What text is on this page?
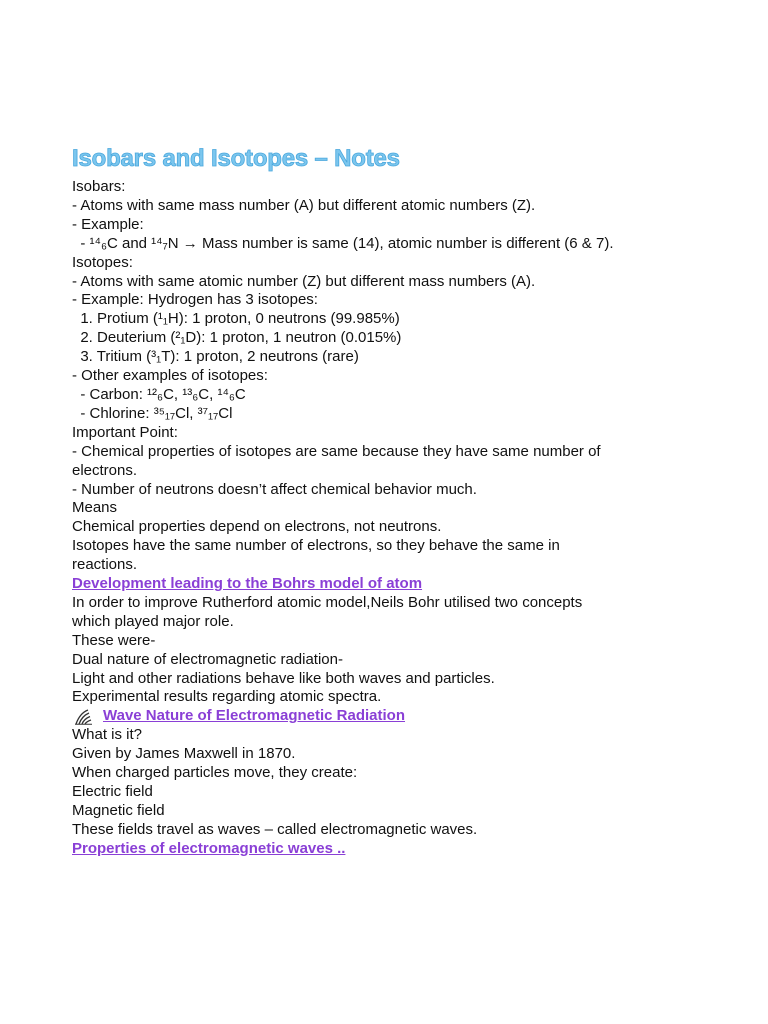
Isobars and Isotopes – Notes
Isobars:
- Atoms with same mass number (A) but different atomic numbers (Z).
- Example:
- ¹⁴₆C and ¹⁴₇N → Mass number is same (14), atomic number is different (6 & 7).
Isotopes:
- Atoms with same atomic number (Z) but different mass numbers (A).
- Example: Hydrogen has 3 isotopes:
1. Protium (¹₁H): 1 proton, 0 neutrons (99.985%)
2. Deuterium (²₁D): 1 proton, 1 neutron (0.015%)
3. Tritium (³₁T): 1 proton, 2 neutrons (rare)
- Other examples of isotopes:
- Carbon: ¹²₆C, ¹³₆C, ¹⁴₆C
- Chlorine: ³⁵₁₇Cl, ³⁷₁₇Cl
Important Point:
- Chemical properties of isotopes are same because they have same number of
electrons.
- Number of neutrons doesn’t affect chemical behavior much.
Means
Chemical properties depend on electrons, not neutrons.
Isotopes have the same number of electrons, so they behave the same in
reactions.
Development leading to the Bohrs model of atom
In order to improve Rutherford atomic model,Neils Bohr utilised two concepts
which played major role.
These were-
Dual nature of electromagnetic radiation-
Light and other radiations behave like both waves and particles.
Experimental results regarding atomic spectra.
Wave Nature of Electromagnetic Radiation
What is it?
Given by James Maxwell in 1870.
When charged particles move, they create:
Electric field
Magnetic field
These fields travel as waves – called electromagnetic waves.
Properties of electromagnetic waves ..
